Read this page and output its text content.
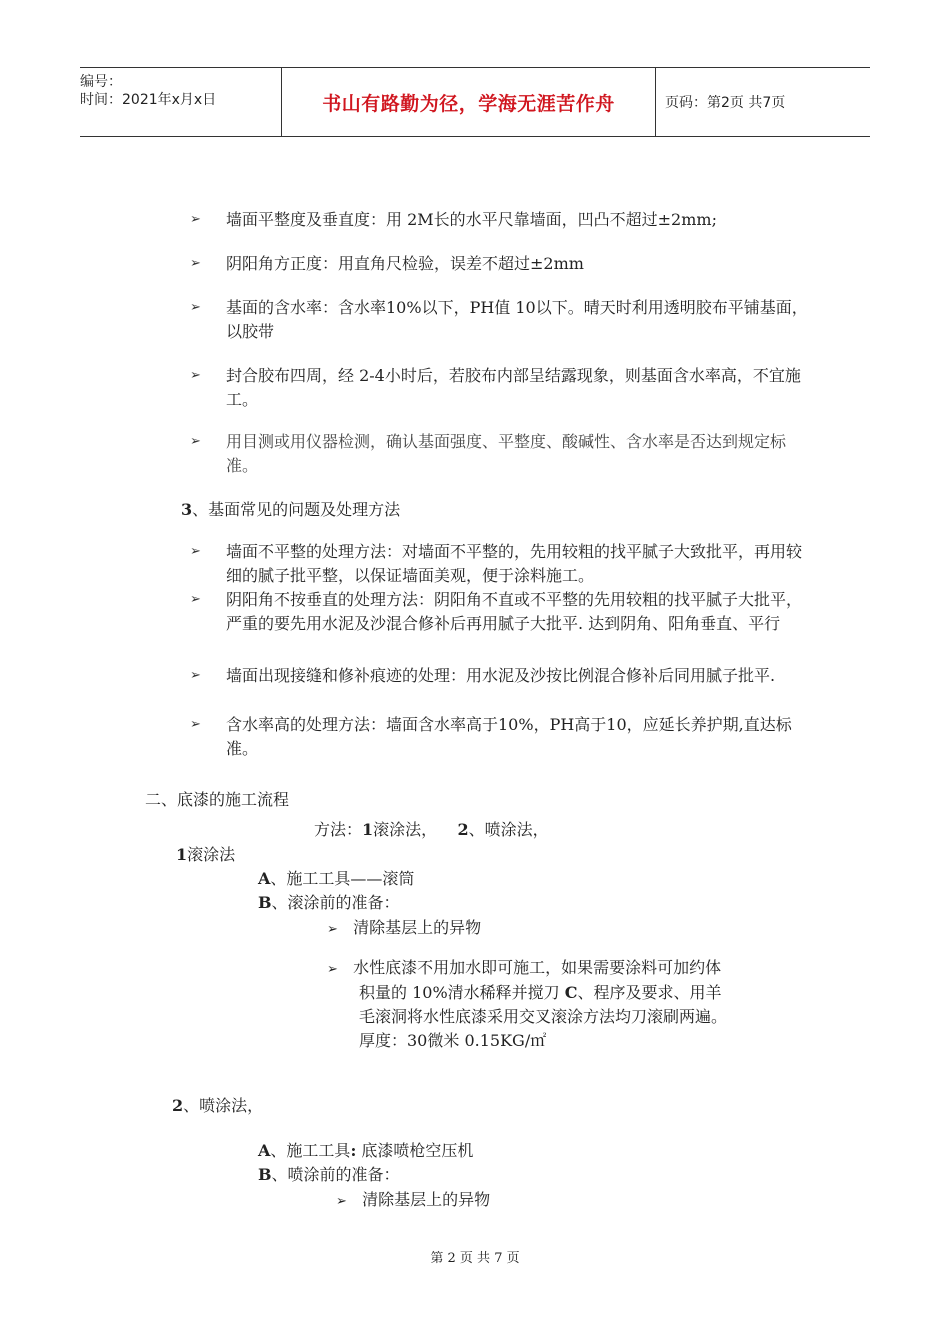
编号：
时间：2021年x月x日	书山有路勤为径，学海无涯苦作舟	页码：第2页 共7页
➢ 墙面平整度及垂直度：用 2M长的水平尺靠墙面，凹凸不超过±2mm;
➢ 阴阳角方正度：用直角尺检验，误差不超过±2mm
➢ 基面的含水率：含水率10%以下，PH值 10以下。晴天时利用透明胶布平铺基面，以胶带
➢ 封合胶布四周，经 2-4小时后，若胶布内部呈结露现象，则基面含水率高，不宜施工。
➢ 用目测或用仪器检测，确认基面强度、平整度、酸碱性、含水率是否达到规定标准。
3、基面常见的问题及处理方法
➢ 墙面不平整的处理方法：对墙面不平整的，先用较粗的找平腻子大致批平，再用较细的腻子批平整，以保证墙面美观，便于涂料施工。
➢ 阴阳角不按垂直的处理方法：阴阳角不直或不平整的先用较粗的找平腻子大批平，严重的要先用水泥及沙混合修补后再用腻子大批平. 达到阴角、阳角垂直、平行
➢ 墙面出现接缝和修补痕迹的处理：用水泥及沙按比例混合修补后同用腻子批平.
➢ 含水率高的处理方法：墙面含水率高于10%，PH高于10，应延长养护期,直达标准。
二、底漆的施工流程
方法：1滚涂法， 2、喷涂法，
1滚涂法
A、施工工具——滚筒
B、滚涂前的准备：
➢ 清除基层上的异物
➢ 水性底漆不用加水即可施工，如果需要涂料可加约体
积量的 10%清水稀释并搅刀 C、程序及要求、用羊
毛滚洞将水性底漆采用交叉滚涂方法均刀滚刷两遍。
厚度：30微米 0.15KG/㎡
2、喷涂法，
A、施工工具: 底漆喷枪空压机
B、喷涂前的准备：
➢ 清除基层上的异物
第 2 页 共 7 页
